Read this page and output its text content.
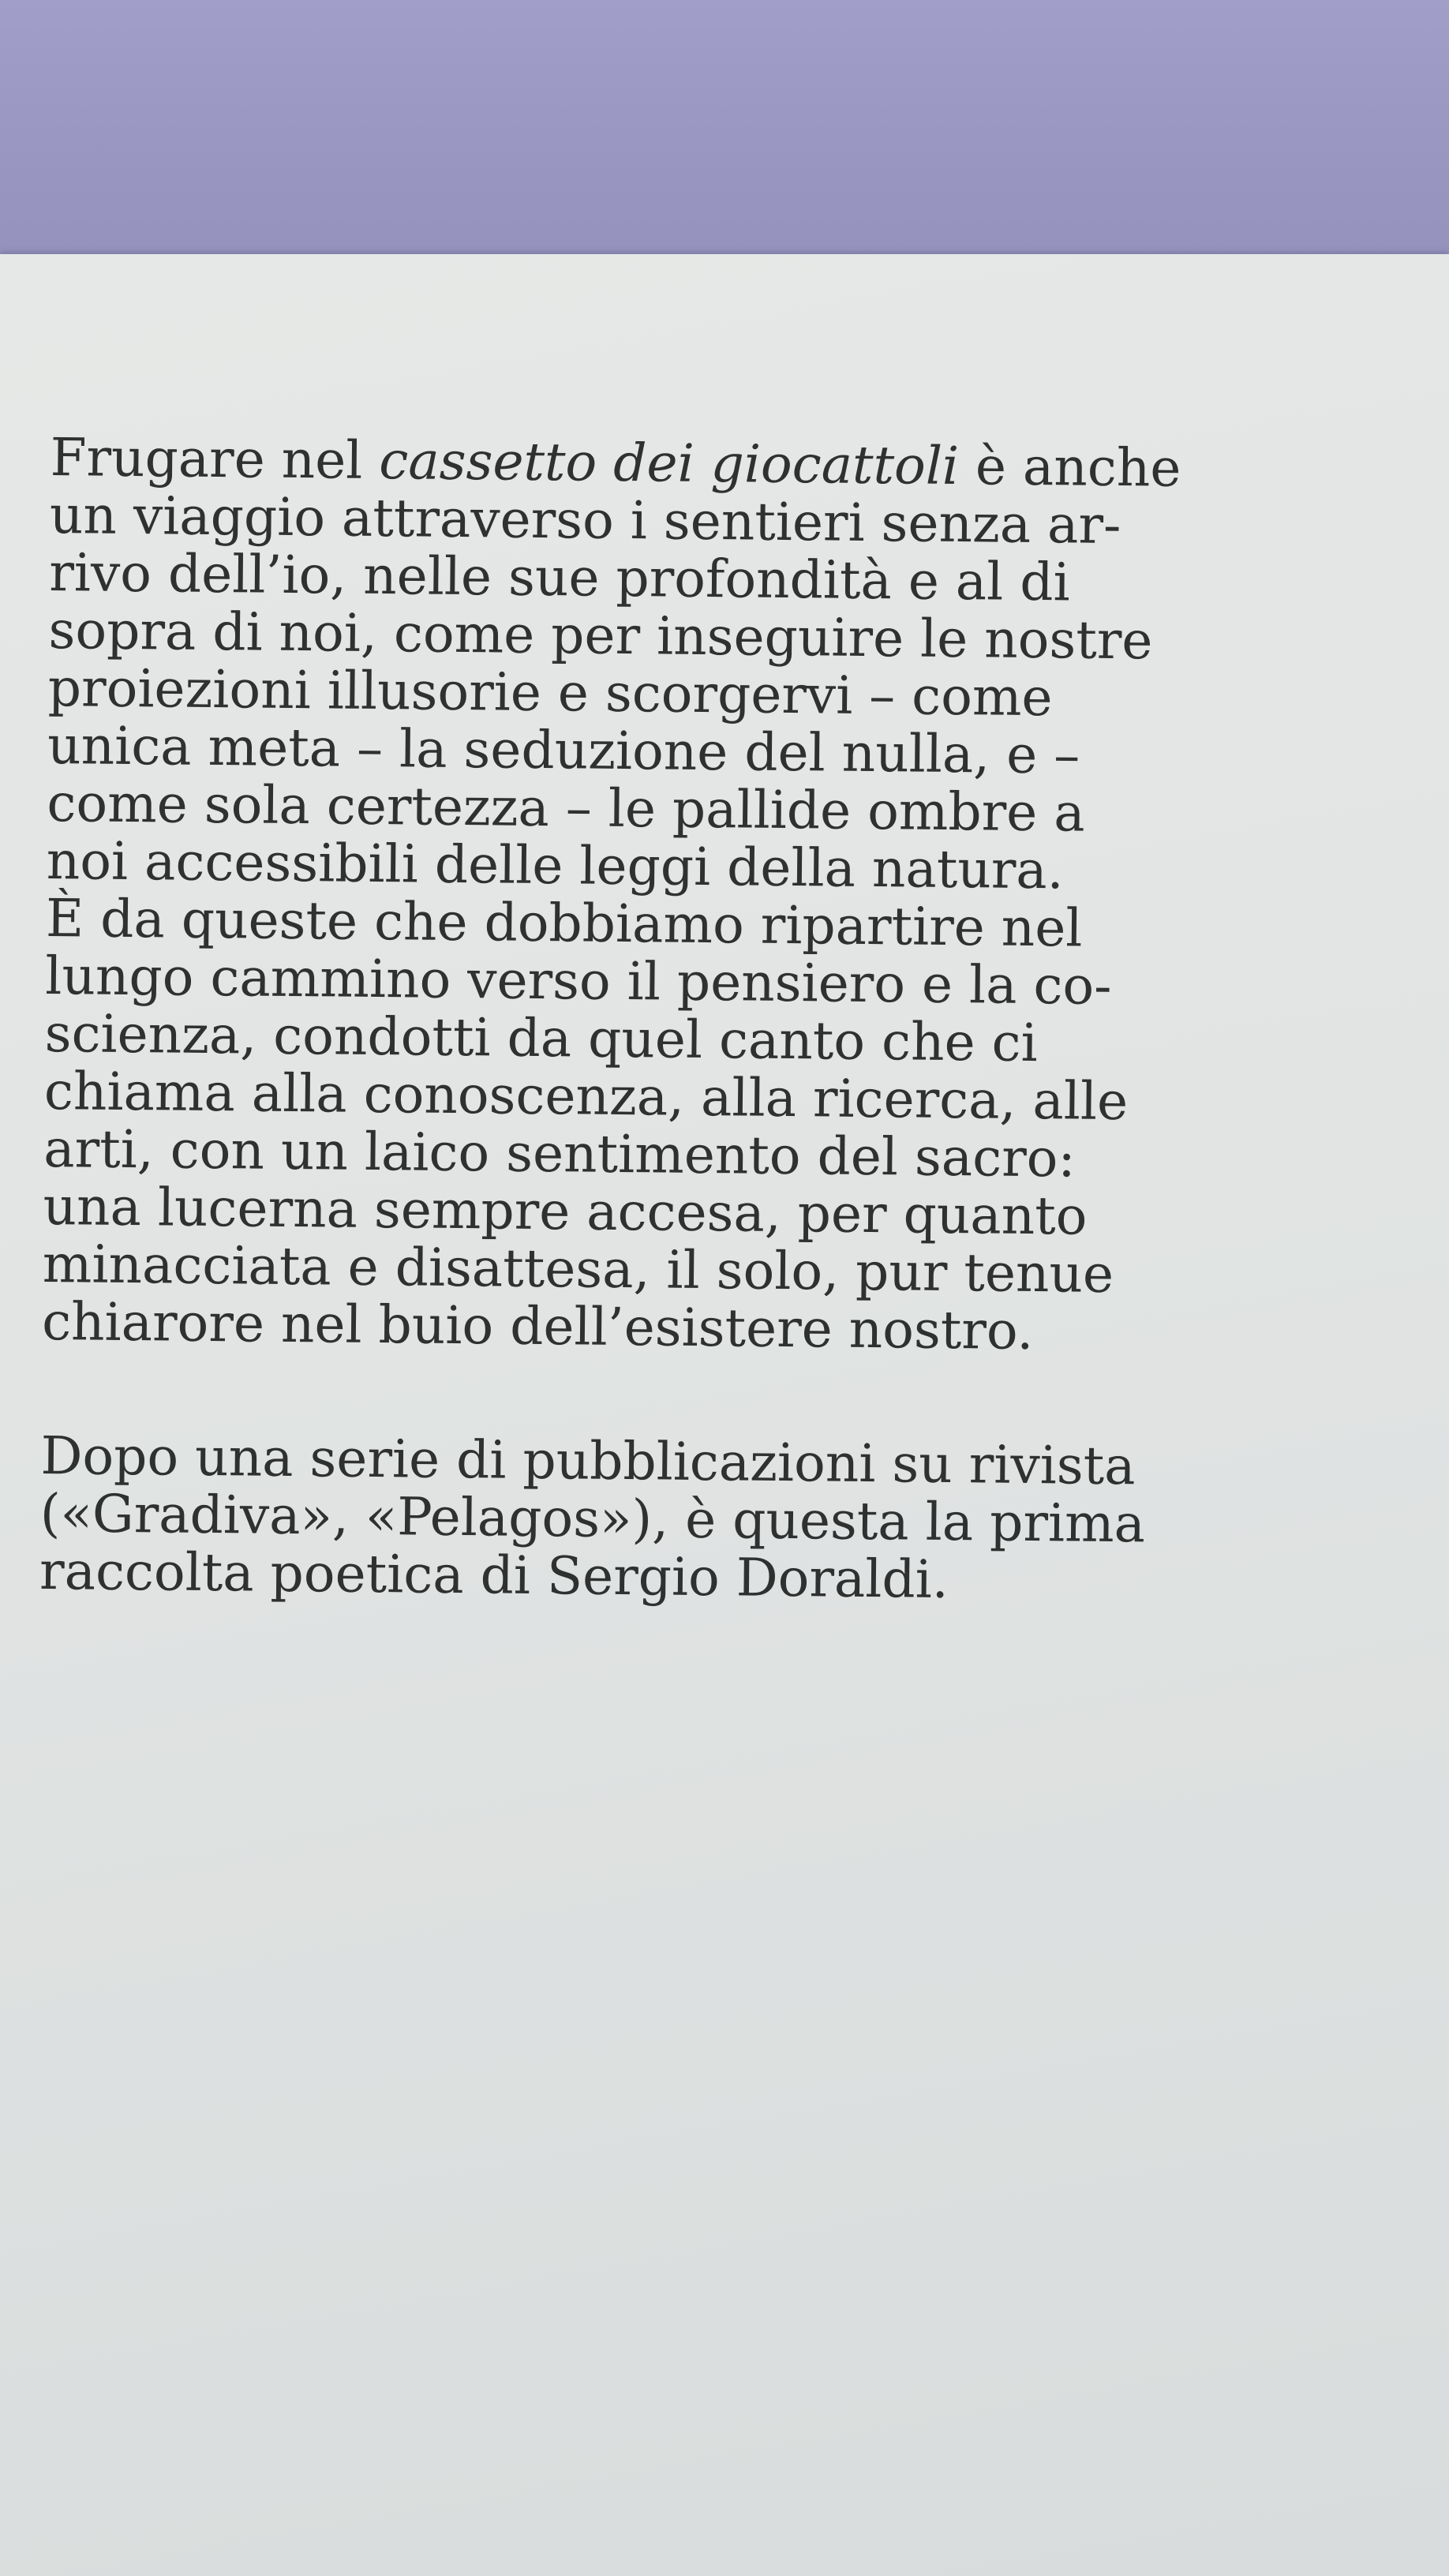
Frugare nel cassetto dei giocattoli è anche
un viaggio attraverso i sentieri senza ar-
rivo dell’io, nelle sue profondità e al di
sopra di noi, come per inseguire le nostre
proiezioni illusorie e scorgervi – come
unica meta – la seduzione del nulla, e –
come sola certezza – le pallide ombre a
noi accessibili delle leggi della natura.
È da queste che dobbiamo ripartire nel
lungo cammino verso il pensiero e la co-
scienza, condotti da quel canto che ci
chiama alla conoscenza, alla ricerca, alle
arti, con un laico sentimento del sacro:
una lucerna sempre accesa, per quanto
minacciata e disattesa, il solo, pur tenue
chiarore nel buio dell’esistere nostro.
Dopo una serie di pubblicazioni su rivista
(«Gradiva», «Pelagos»), è questa la prima
raccolta poetica di Sergio Doraldi.
